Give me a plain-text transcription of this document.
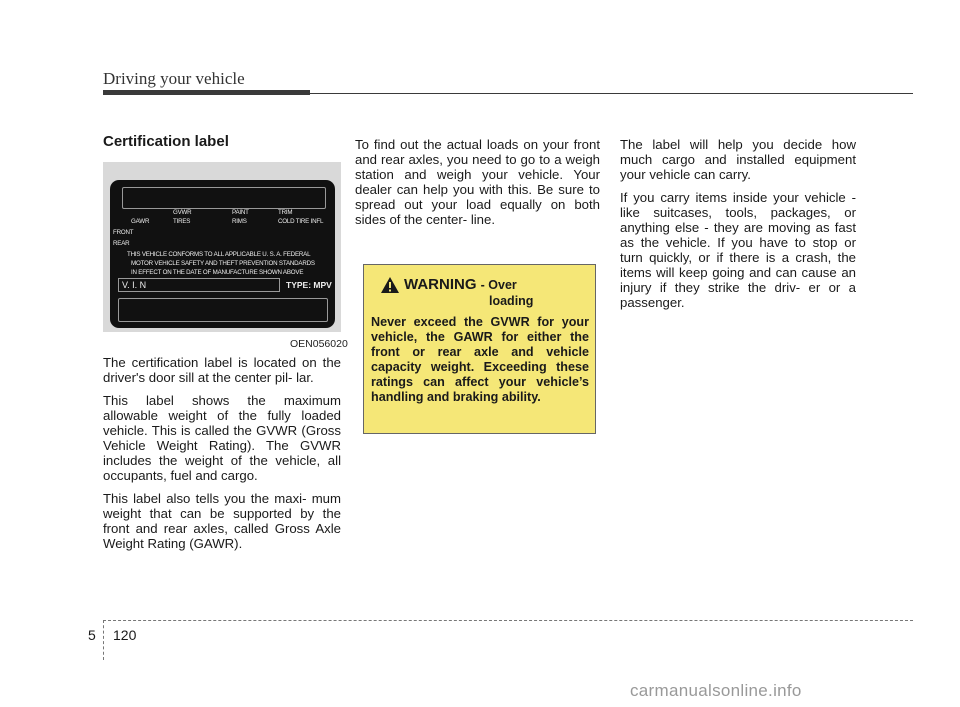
Driving your vehicle
Certification label
GVWR	PAINT	TRIM
GAWR	TIRES	RIMS	COLD TIRE INFL
FRONT
REAR
THIS VEHICLE CONFORMS TO ALL APPLICABLE U. S. A. FEDERAL
MOTOR VEHICLE SAFETY AND THEFT PREVENTION STANDARDS
IN EFFECT ON THE DATE OF MANUFACTURE SHOWN ABOVE
V. I. N	TYPE: MPV
OEN056020

The certification label is located on the driver's door sill at the center pil- lar.

This label shows the maximum allowable weight of the fully loaded vehicle. This is called the GVWR (Gross Vehicle Weight Rating). The GVWR includes the weight of the vehicle, all occupants, fuel and cargo.

This label also tells you the maxi- mum weight that can be supported by the front and rear axles, called Gross Axle Weight Rating (GAWR).

To find out the actual loads on your front and rear axles, you need to go to a weigh station and weigh your vehicle. Your dealer can help you with this. Be sure to spread out your load equally on both sides of the center- line.

WARNING - Over
loading
Never exceed the GVWR for your vehicle, the GAWR for either the front or rear axle and vehicle capacity weight. Exceeding these ratings can affect your vehicle’s handling and braking ability.

The label will help you decide how much cargo and installed equipment your vehicle can carry.

If you carry items inside your vehicle - like suitcases, tools, packages, or anything else - they are moving as fast as the vehicle. If you have to stop or turn quickly, or if there is a crash, the items will keep going and can cause an injury if they strike the driv- er or a passenger.

5 120
carmanualsonline.info
